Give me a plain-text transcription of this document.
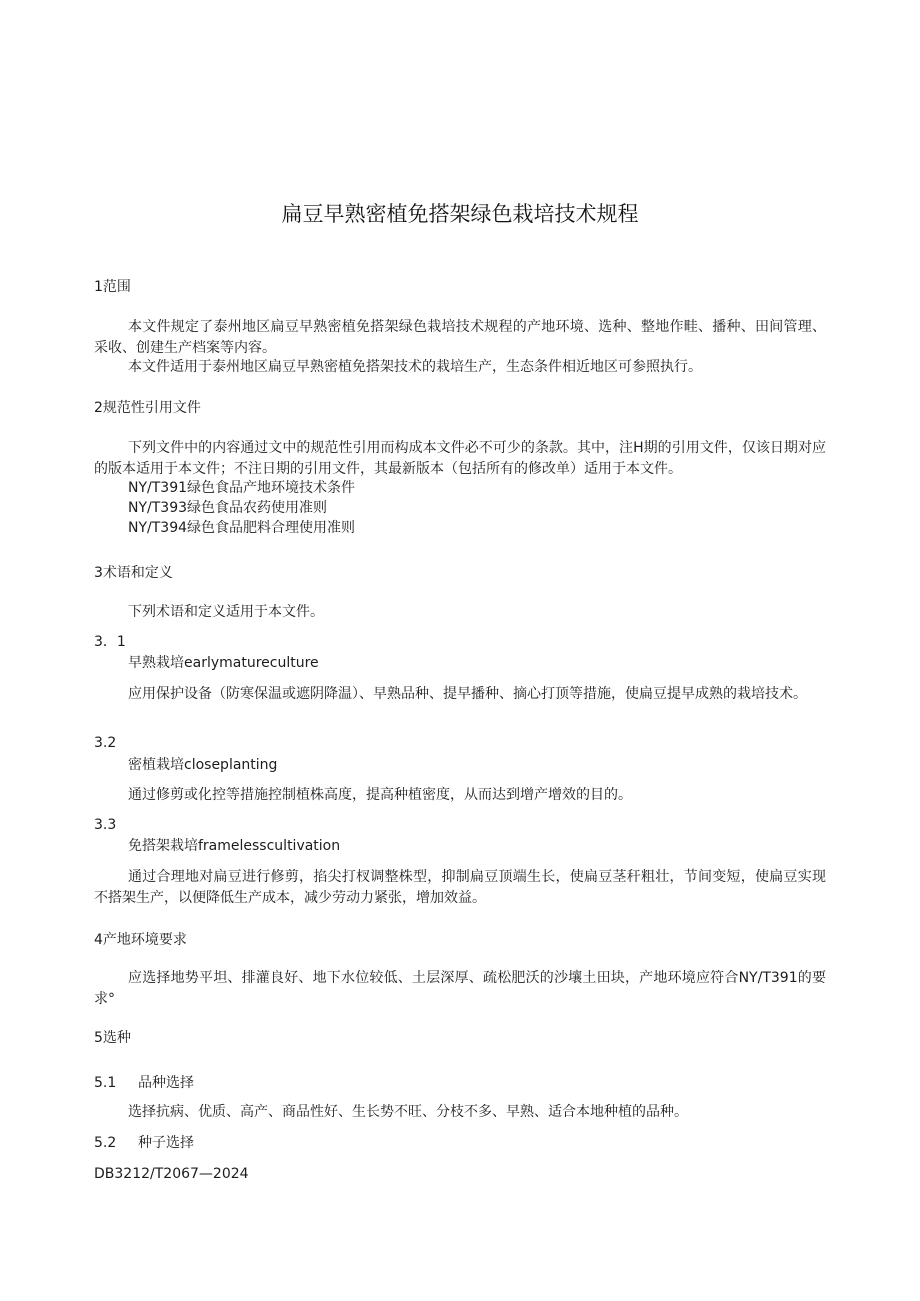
扁豆早熟密植免搭架绿色栽培技术规程
1范围
本文件规定了泰州地区扁豆早熟密植免搭架绿色栽培技术规程的产地环境、选种、整地作畦、播种、田间管理、采收、创建生产档案等内容。
本文件适用于泰州地区扁豆早熟密植免搭架技术的栽培生产，生态条件相近地区可参照执行。
2规范性引用文件
下列文件中的内容通过文中的规范性引用而构成本文件必不可少的条款。其中，注H期的引用文件，仅该日期对应的版本适用于本文件；不注日期的引用文件，其最新版本（包括所有的修改单）适用于本文件。
NY/T391绿色食品产地环境技术条件
NY/T393绿色食品农药使用准则
NY/T394绿色食品肥料合理使用准则
3术语和定义
下列术语和定义适用于本文件。
3．1
早熟栽培earlymatureculture
应用保护设备（防寒保温或遮阴降温）、早熟品种、提早播种、摘心打顶等措施，使扁豆提早成熟的栽培技术。
3.2
密植栽培closeplanting
通过修剪或化控等措施控制植株高度，提高种植密度，从而达到增产增效的目的。
3.3
免搭架栽培framelesscultivation
通过合理地对扁豆进行修剪，掐尖打杈调整株型，抑制扁豆顶端生长，使扁豆茎秆粗壮，节间变短，使扁豆实现不搭架生产，以便降低生产成本，减少劳动力紧张，增加效益。
4产地环境要求
应选择地势平坦、排灌良好、地下水位较低、土层深厚、疏松肥沃的沙壤土田块，产地环境应符合NY/T391的要求°
5选种
5.1 品种选择
选择抗病、优质、高产、商品性好、生长势不旺、分枝不多、早熟、适合本地种植的品种。
5.2 种子选择
DB3212/T2067—2024
